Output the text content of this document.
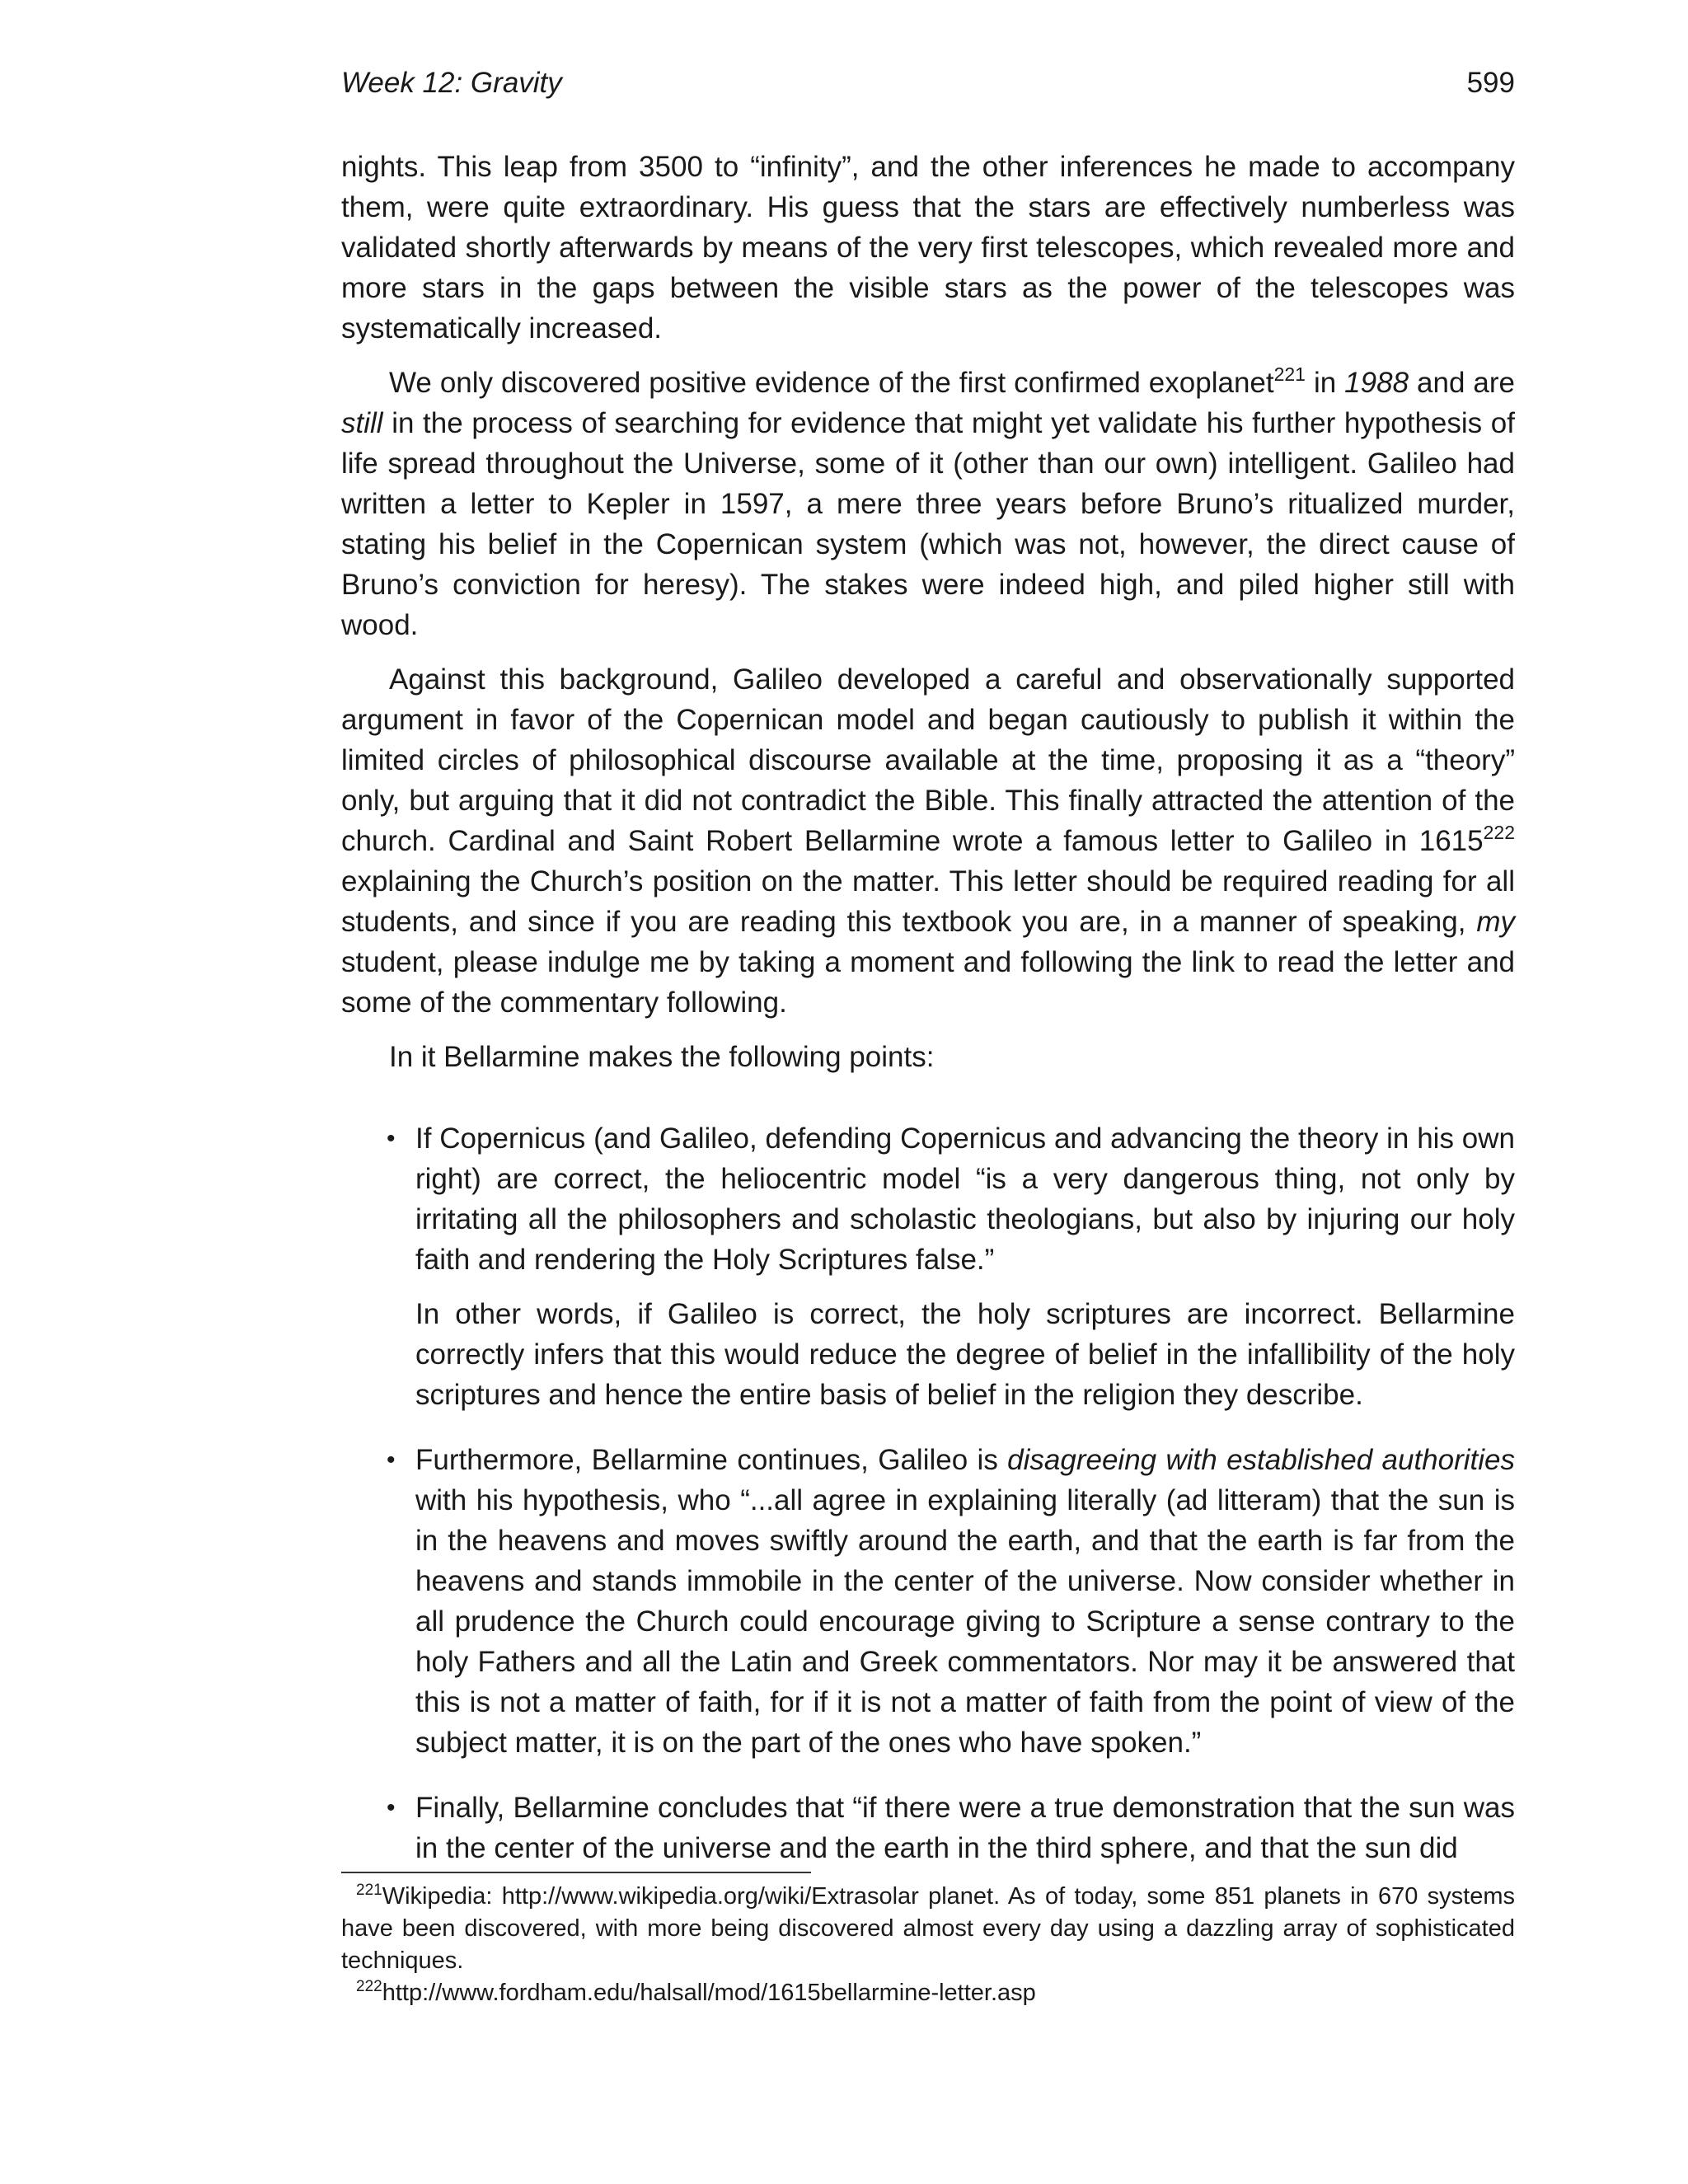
Week 12: Gravity	599

nights. This leap from 3500 to “infinity”, and the other inferences he made to accompany them, were quite extraordinary. His guess that the stars are effectively numberless was validated shortly afterwards by means of the very first telescopes, which revealed more and more stars in the gaps between the visible stars as the power of the telescopes was systematically increased.

We only discovered positive evidence of the first confirmed exoplanet$^{221}$ in 1988 and are still in the process of searching for evidence that might yet validate his further hypothesis of life spread throughout the Universe, some of it (other than our own) intelligent. Galileo had written a letter to Kepler in 1597, a mere three years before Bruno’s ritualized murder, stating his belief in the Copernican system (which was not, however, the direct cause of Bruno’s conviction for heresy). The stakes were indeed high, and piled higher still with wood.

Against this background, Galileo developed a careful and observationally supported argument in favor of the Copernican model and began cautiously to publish it within the limited circles of philosophical discourse available at the time, proposing it as a “theory” only, but arguing that it did not contradict the Bible. This finally attracted the attention of the church. Cardinal and Saint Robert Bellarmine wrote a famous letter to Galileo in 1615$^{222}$ explaining the Church’s position on the matter. This letter should be required reading for all students, and since if you are reading this textbook you are, in a manner of speaking, my student, please indulge me by taking a moment and following the link to read the letter and some of the commentary following.

In it Bellarmine makes the following points:

• If Copernicus (and Galileo, defending Copernicus and advancing the theory in his own right) are correct, the heliocentric model “is a very dangerous thing, not only by irritating all the philosophers and scholastic theologians, but also by injuring our holy faith and rendering the Holy Scriptures false.”

In other words, if Galileo is correct, the holy scriptures are incorrect. Bellarmine correctly infers that this would reduce the degree of belief in the infallibility of the holy scriptures and hence the entire basis of belief in the religion they describe.

• Furthermore, Bellarmine continues, Galileo is disagreeing with established authorities with his hypothesis, who “...all agree in explaining literally (ad litteram) that the sun is in the heavens and moves swiftly around the earth, and that the earth is far from the heavens and stands immobile in the center of the universe. Now consider whether in all prudence the Church could encourage giving to Scripture a sense contrary to the holy Fathers and all the Latin and Greek commentators. Nor may it be answered that this is not a matter of faith, for if it is not a matter of faith from the point of view of the subject matter, it is on the part of the ones who have spoken.”

• Finally, Bellarmine concludes that “if there were a true demonstration that the sun was in the center of the universe and the earth in the third sphere, and that the sun did

$^{221}$Wikipedia: http://www.wikipedia.org/wiki/Extrasolar planet. As of today, some 851 planets in 670 systems have been discovered, with more being discovered almost every day using a dazzling array of sophisticated techniques.

$^{222}$http://www.fordham.edu/halsall/mod/1615bellarmine-letter.asp
